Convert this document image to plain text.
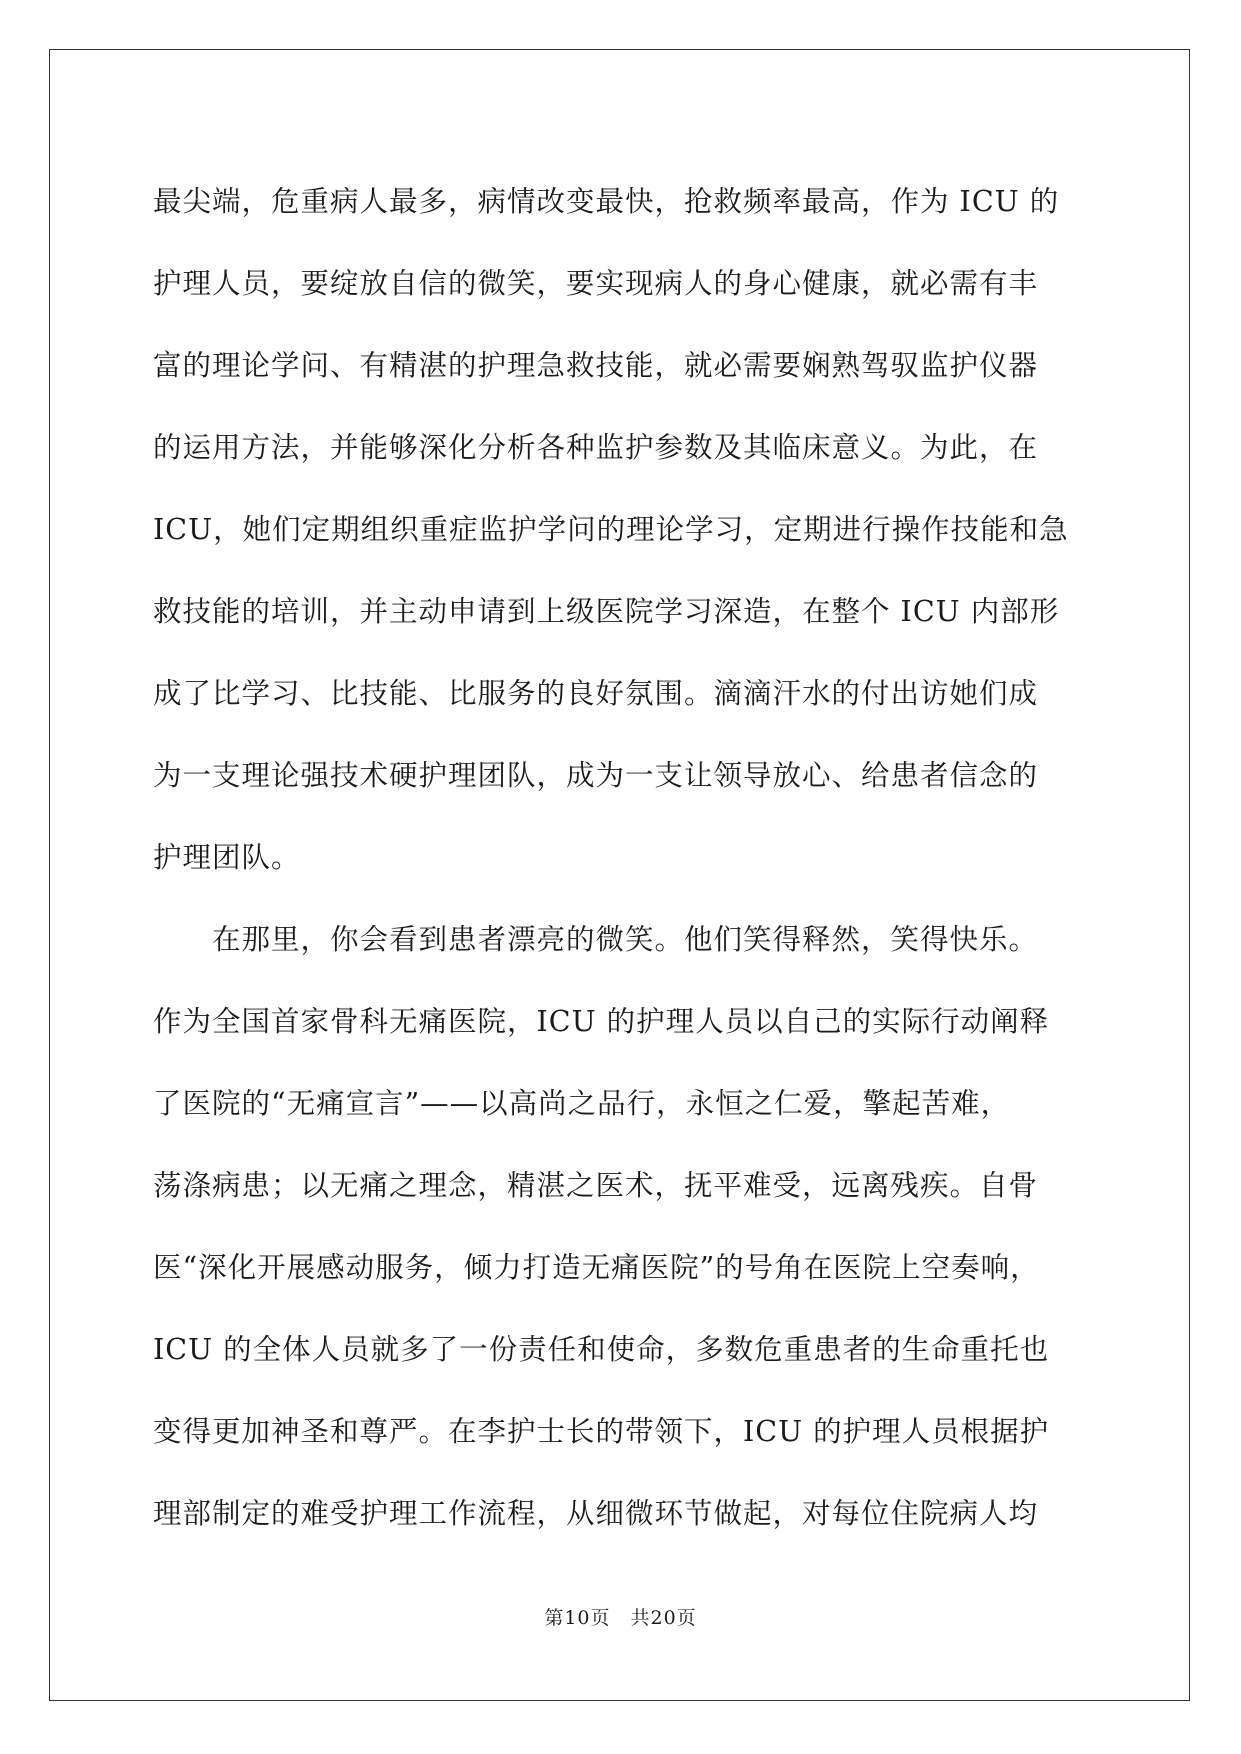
最尖端，危重病人最多，病情改变最快，抢救频率最高，作为 ICU 的
护理人员，要绽放自信的微笑，要实现病人的身心健康，就必需有丰
富的理论学问、有精湛的护理急救技能，就必需要娴熟驾驭监护仪器
的运用方法，并能够深化分析各种监护参数及其临床意义。为此，在
ICU，她们定期组织重症监护学问的理论学习，定期进行操作技能和急
救技能的培训，并主动申请到上级医院学习深造，在整个 ICU 内部形
成了比学习、比技能、比服务的良好氛围。滴滴汗水的付出访她们成
为一支理论强技术硬护理团队，成为一支让领导放心、给患者信念的
护理团队。
　　在那里，你会看到患者漂亮的微笑。他们笑得释然，笑得快乐。
作为全国首家骨科无痛医院，ICU 的护理人员以自己的实际行动阐释
了医院的“无痛宣言”——以高尚之品行，永恒之仁爱，擎起苦难，
荡涤病患；以无痛之理念，精湛之医术，抚平难受，远离残疾。自骨
医“深化开展感动服务，倾力打造无痛医院”的号角在医院上空奏响，
ICU 的全体人员就多了一份责任和使命，多数危重患者的生命重托也
变得更加神圣和尊严。在李护士长的带领下，ICU 的护理人员根据护
理部制定的难受护理工作流程，从细微环节做起，对每位住院病人均
第10页　共20页
